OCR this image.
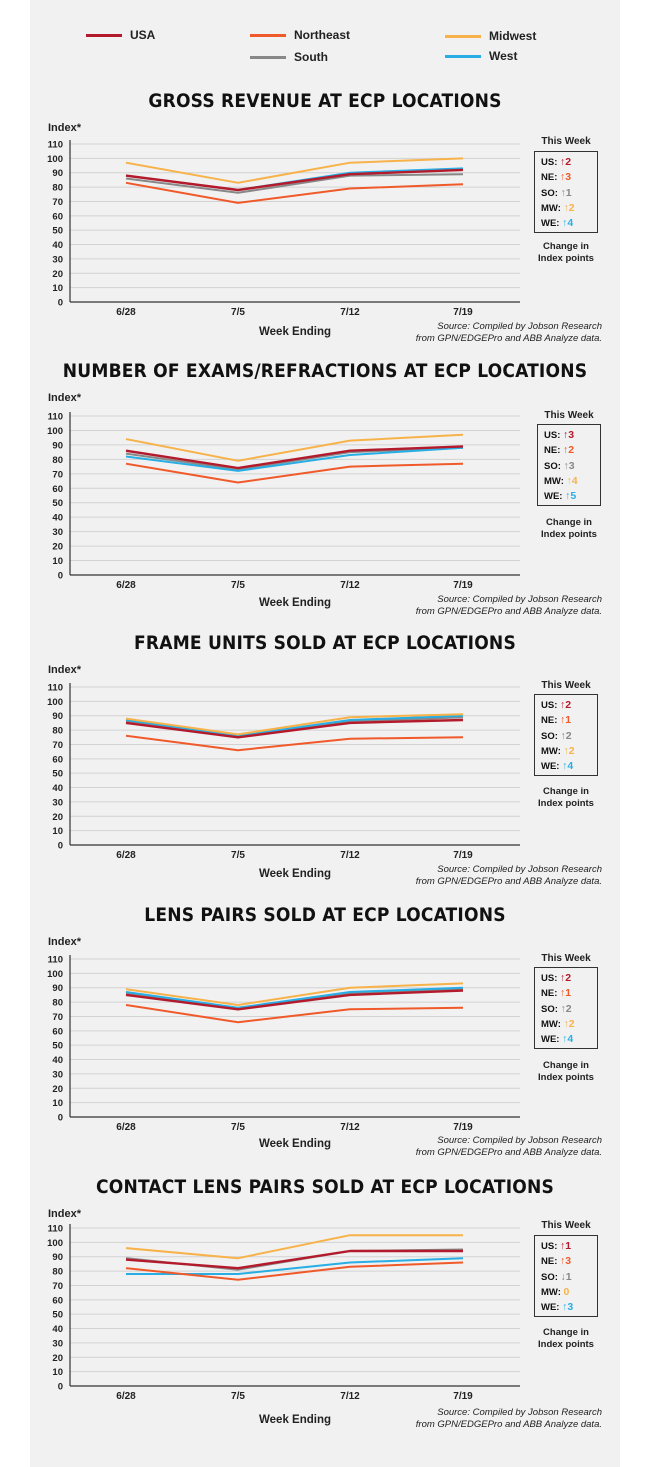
USA	Northeast	Midwest
South	West
GROSS REVENUE AT ECP LOCATIONS
Index*
0
10
20
30
40
50
60
70
80
90
100
110
6/28	7/5	7/12	7/19
Week Ending	Source: Compiled by Jobson Research
from GPN/EDGEPro and ABB Analyze data.
This Week
US: ↑2
NE: ↑3
SO: ↑1
MW: ↑2
WE: ↑4
Change in
Index points
NUMBER OF EXAMS/REFRACTIONS AT ECP LOCATIONS
Index*
0
10
20
30
40
50
60
70
80
90
100
110
6/28	7/5	7/12	7/19
Week Ending	Source: Compiled by Jobson Research
from GPN/EDGEPro and ABB Analyze data.
This Week
US: ↑3
NE: ↑2
SO: ↑3
MW: ↑4
WE: ↑5
Change in
Index points
FRAME UNITS SOLD AT ECP LOCATIONS
Index*
0
10
20
30
40
50
60
70
80
90
100
110
6/28	7/5	7/12	7/19
Week Ending	Source: Compiled by Jobson Research
from GPN/EDGEPro and ABB Analyze data.
This Week
US: ↑2
NE: ↑1
SO: ↑2
MW: ↑2
WE: ↑4
Change in
Index points
LENS PAIRS SOLD AT ECP LOCATIONS
Index*
0
10
20
30
40
50
60
70
80
90
100
110
6/28	7/5	7/12	7/19
Week Ending	Source: Compiled by Jobson Research
from GPN/EDGEPro and ABB Analyze data.
This Week
US: ↑2
NE: ↑1
SO: ↑2
MW: ↑2
WE: ↑4
Change in
Index points
CONTACT LENS PAIRS SOLD AT ECP LOCATIONS
Index*
0
10
20
30
40
50
60
70
80
90
100
110
6/28	7/5	7/12	7/19
Week Ending
Source: Compiled by Jobson Research
from GPN/EDGEPro and ABB Analyze data.
This Week
US: ↑1
NE: ↑3
SO: ↓1
MW: 0
WE: ↑3
Change in
Index points
